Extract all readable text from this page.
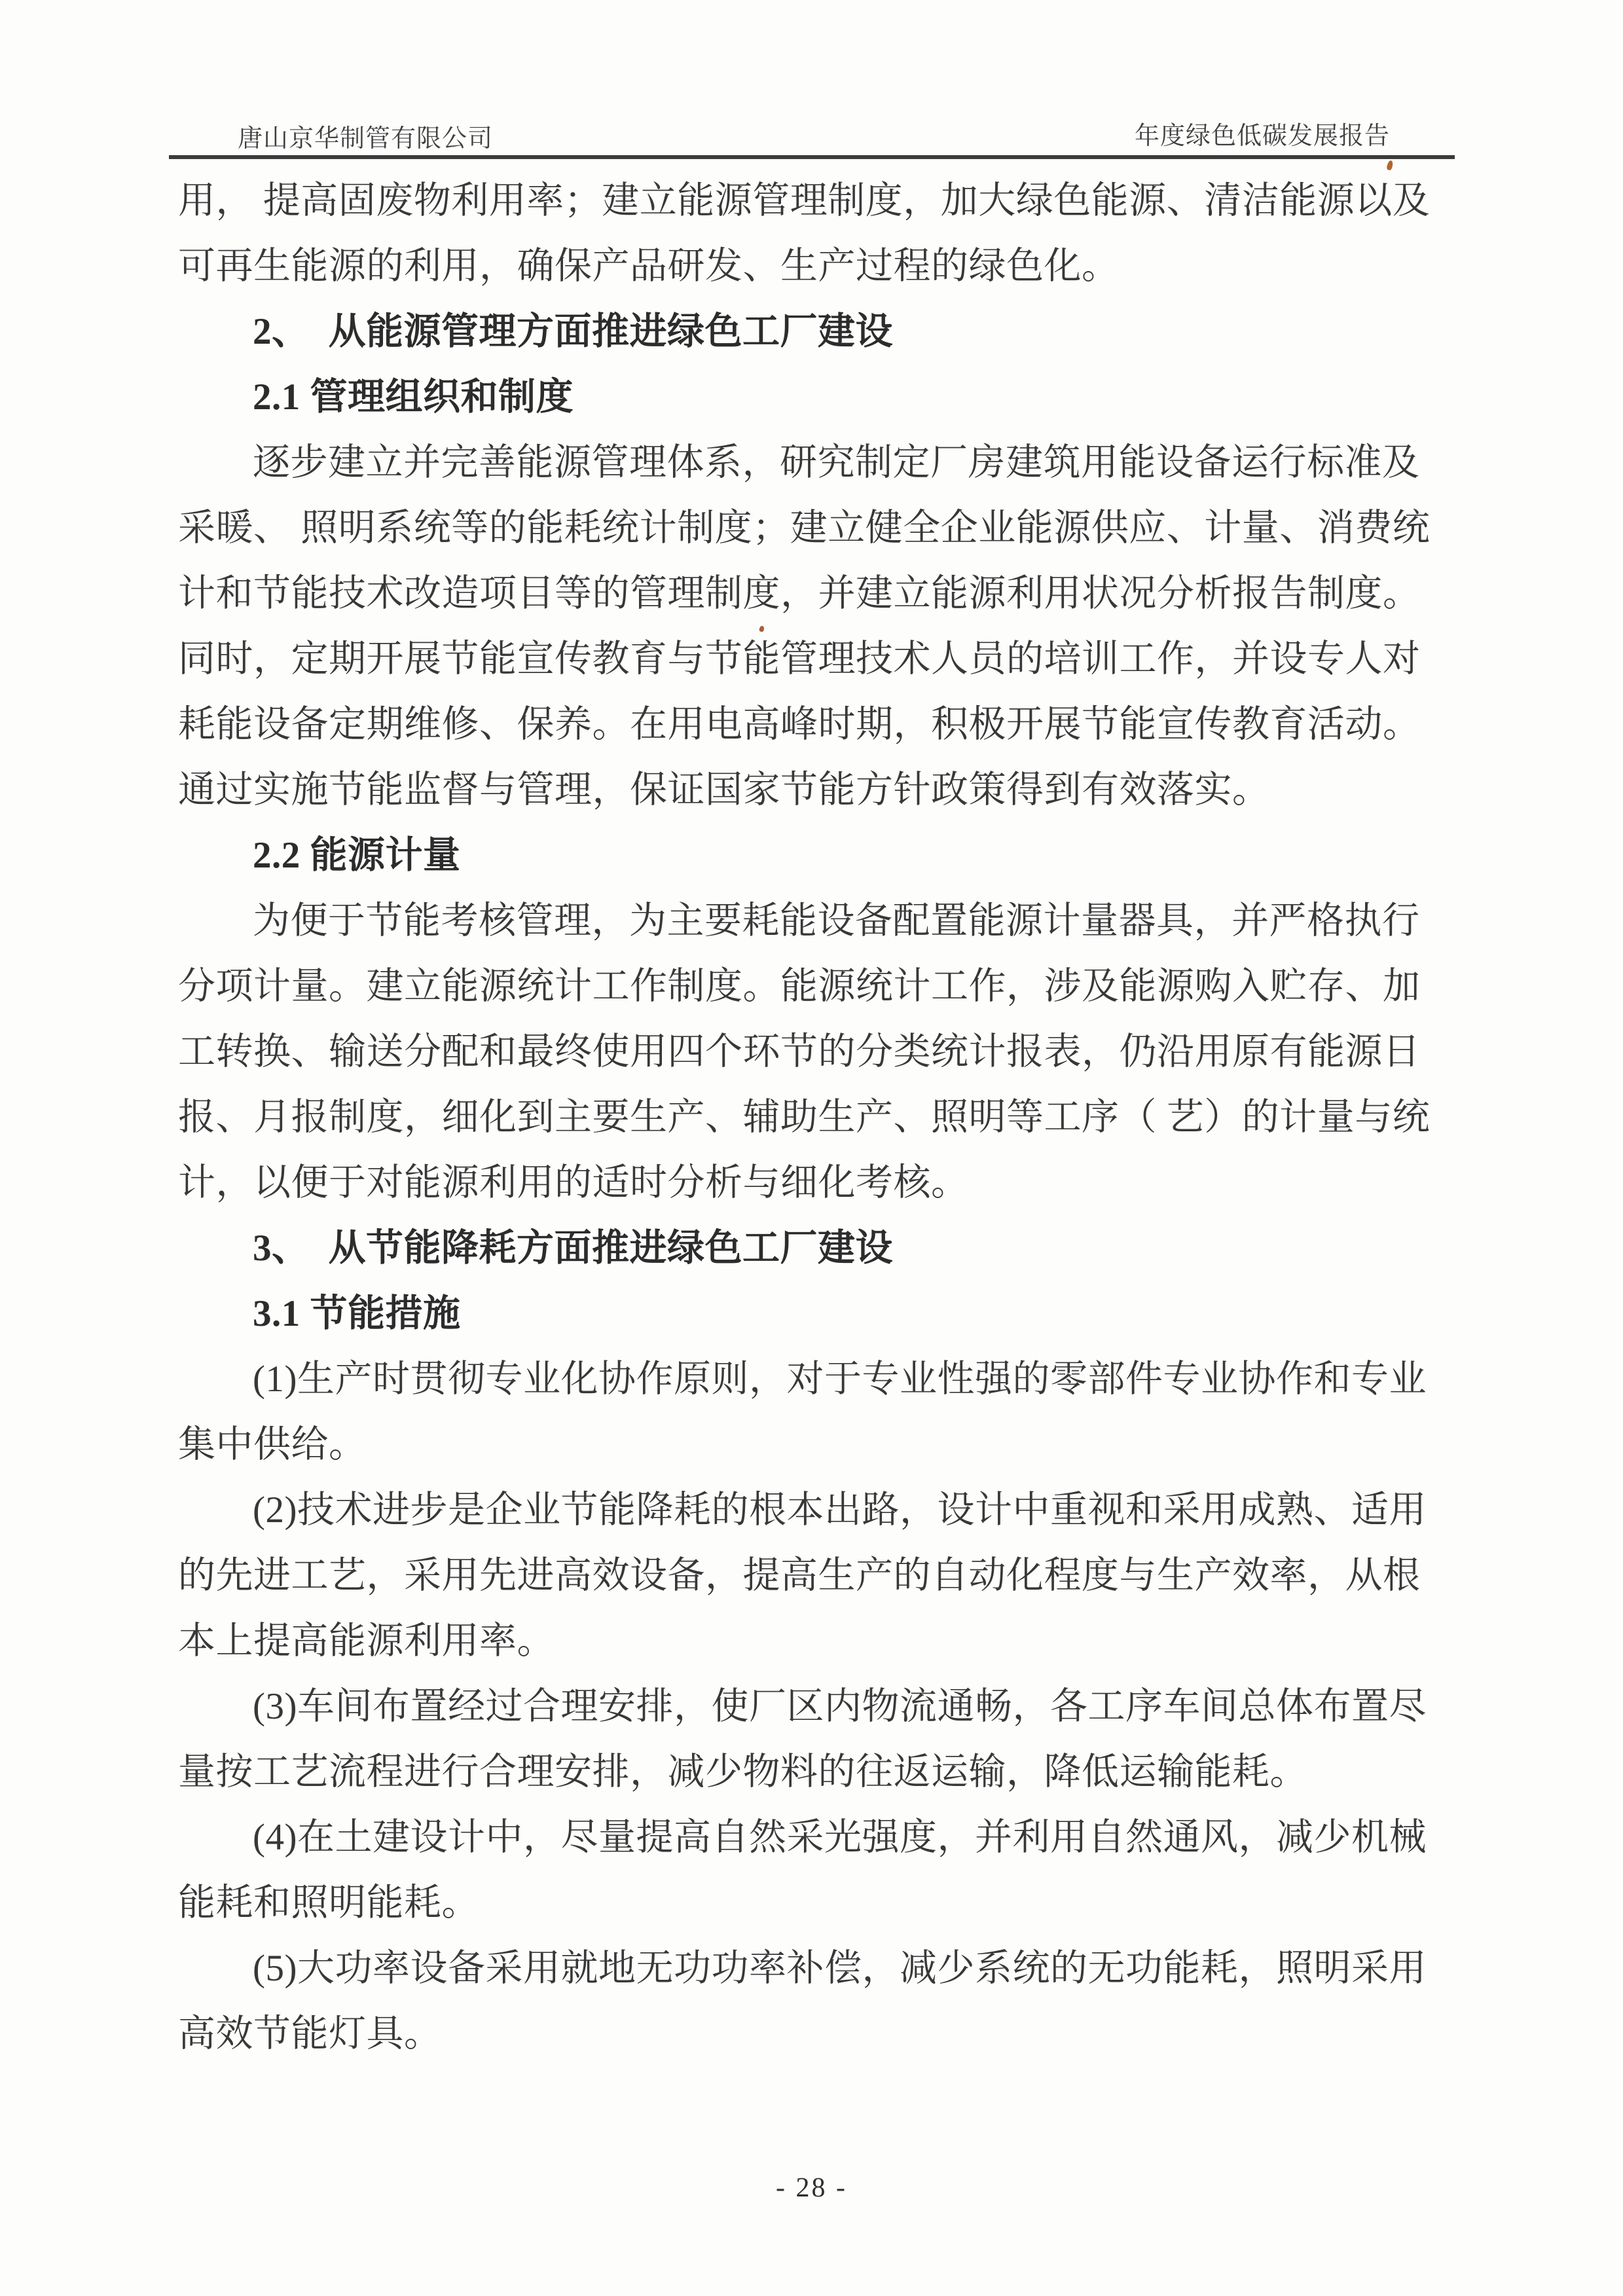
唐山京华制管有限公司	年度绿色低碳发展报告
用， 提高固废物利用率；建立能源管理制度，加大绿色能源、清洁能源以及
可再生能源的利用，确保产品研发、生产过程的绿色化。
2、　从能源管理方面推进绿色工厂建设
2.1 管理组织和制度
逐步建立并完善能源管理体系，研究制定厂房建筑用能设备运行标准及
采暖、 照明系统等的能耗统计制度；建立健全企业能源供应、计量、消费统
计和节能技术改造项目等的管理制度，并建立能源利用状况分析报告制度。
同时，定期开展节能宣传教育与节能管理技术人员的培训工作，并设专人对
耗能设备定期维修、保养。在用电高峰时期，积极开展节能宣传教育活动。
通过实施节能监督与管理，保证国家节能方针政策得到有效落实。
2.2 能源计量
为便于节能考核管理，为主要耗能设备配置能源计量器具，并严格执行
分项计量。建立能源统计工作制度。能源统计工作，涉及能源购入贮存、加
工转换、输送分配和最终使用四个环节的分类统计报表，仍沿用原有能源日
报、月报制度，细化到主要生产、辅助生产、照明等工序（ 艺）的计量与统
计，以便于对能源利用的适时分析与细化考核。
3、　从节能降耗方面推进绿色工厂建设
3.1 节能措施
(1)生产时贯彻专业化协作原则，对于专业性强的零部件专业协作和专业
集中供给。
(2)技术进步是企业节能降耗的根本出路，设计中重视和采用成熟、适用
的先进工艺，采用先进高效设备，提高生产的自动化程度与生产效率，从根
本上提高能源利用率。
(3)车间布置经过合理安排，使厂区内物流通畅，各工序车间总体布置尽
量按工艺流程进行合理安排，减少物料的往返运输，降低运输能耗。
(4)在土建设计中，尽量提高自然采光强度，并利用自然通风，减少机械
能耗和照明能耗。
(5)大功率设备采用就地无功功率补偿，减少系统的无功能耗，照明采用
高效节能灯具。
- 28 -
